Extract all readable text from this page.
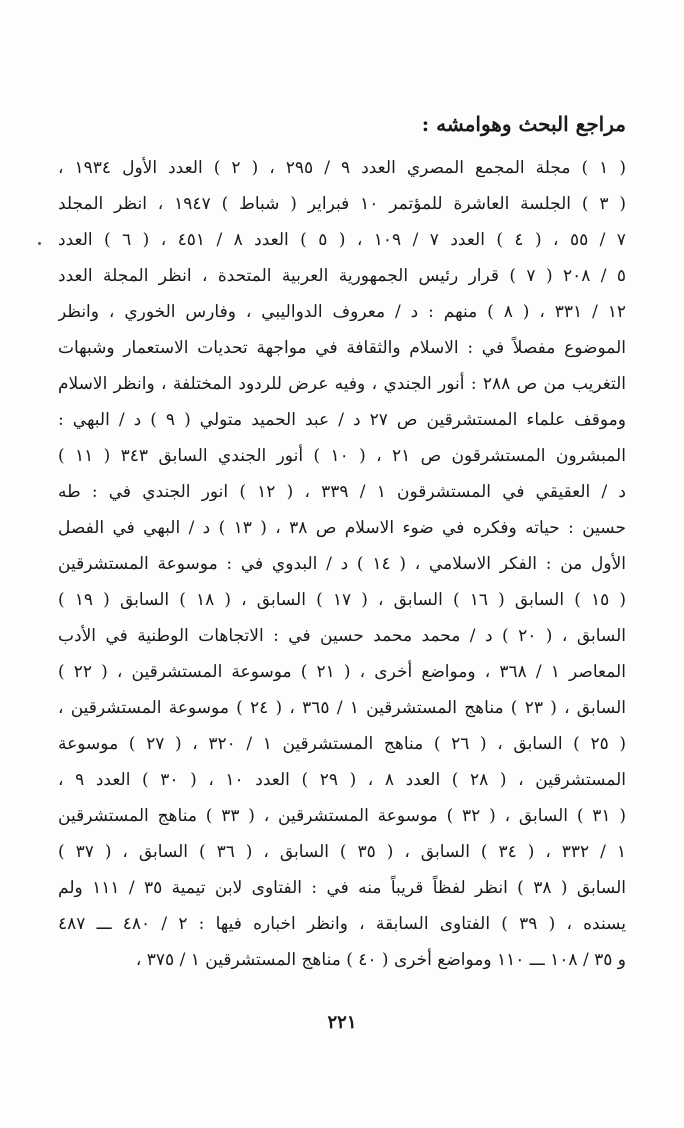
مراجع البحث وهوامشه :
( ١ ) مجلة المجمع المصري العدد ٩ / ٢٩٥ ، ( ٢ ) العدد الأول ١٩٣٤ ،
( ٣ ) الجلسة العاشرة للمؤتمر ١٠ فبراير ( شباط ) ١٩٤٧ ، انظر المجلد
٧ / ٥٥ ، ( ٤ ) العدد ٧ / ١٠٩ ، ( ٥ ) العدد ٨ / ٤٥١ ، ( ٦ ) العدد
٥ / ٢٠٨ ( ٧ ) قرار رئيس الجمهورية العربية المتحدة ، انظر المجلة العدد
١٢ / ٣٣١ ، ( ٨ ) منهم : د / معروف الدواليبي ، وفارس الخوري ، وانظر
الموضوع مفصلاً في : الاسلام والثقافة في مواجهة تحديات الاستعمار وشبهات
التغريب من ص ٢٨٨ : أنور الجندي ، وفيه عرض للردود المختلفة ، وانظر الاسلام
وموقف علماء المستشرقين ص ٢٧ د / عبد الحميد متولي ( ٩ ) د / البهي :
المبشرون المستشرقون ص ٢١ ، ( ١٠ ) أنور الجندي السابق ٣٤٣ ( ١١ )
د / العقيقي في المستشرقون ١ / ٣٣٩ ، ( ١٢ ) انور الجندي في : طه
حسين : حياته وفكره في ضوء الاسلام ص ٣٨ ، ( ١٣ ) د / البهي في الفصل
الأول من : الفكر الاسلامي ، ( ١٤ ) د / البدوي في : موسوعة المستشرقين
( ١٥ ) السابق ( ١٦ ) السابق ، ( ١٧ ) السابق ، ( ١٨ ) السابق ( ١٩ )
السابق ، ( ٢٠ ) د / محمد محمد حسين في : الاتجاهات الوطنية في الأدب
المعاصر ١ / ٣٦٨ ، ومواضع أخرى ، ( ٢١ ) موسوعة المستشرقين ، ( ٢٢ )
السابق ، ( ٢٣ ) مناهج المستشرقين ١ / ٣٦٥ ، ( ٢٤ ) موسوعة المستشرقين ،
( ٢٥ ) السابق ، ( ٢٦ ) مناهج المستشرقين ١ / ٣٢٠ ، ( ٢٧ ) موسوعة
المستشرقين ، ( ٢٨ ) العدد ٨ ، ( ٢٩ ) العدد ١٠ ، ( ٣٠ ) العدد ٩ ،
( ٣١ ) السابق ، ( ٣٢ ) موسوعة المستشرقين ، ( ٣٣ ) مناهج المستشرقين
١ / ٣٣٢ ، ( ٣٤ ) السابق ، ( ٣٥ ) السابق ، ( ٣٦ ) السابق ، ( ٣٧ )
السابق ( ٣٨ ) انظر لفظاً قريباً منه في : الفتاوى لابن تيمية ٣٥ / ١١١ ولم
يسنده ، ( ٣٩ ) الفتاوى السابقة ، وانظر اخباره فيها : ٢ / ٤٨٠ ـــ ٤٨٧
و ٣٥ / ١٠٨ ـــ ١١٠ ومواضع أخرى ( ٤٠ ) مناهج المستشرقين ١ / ٣٧٥ ،
٢٢١
